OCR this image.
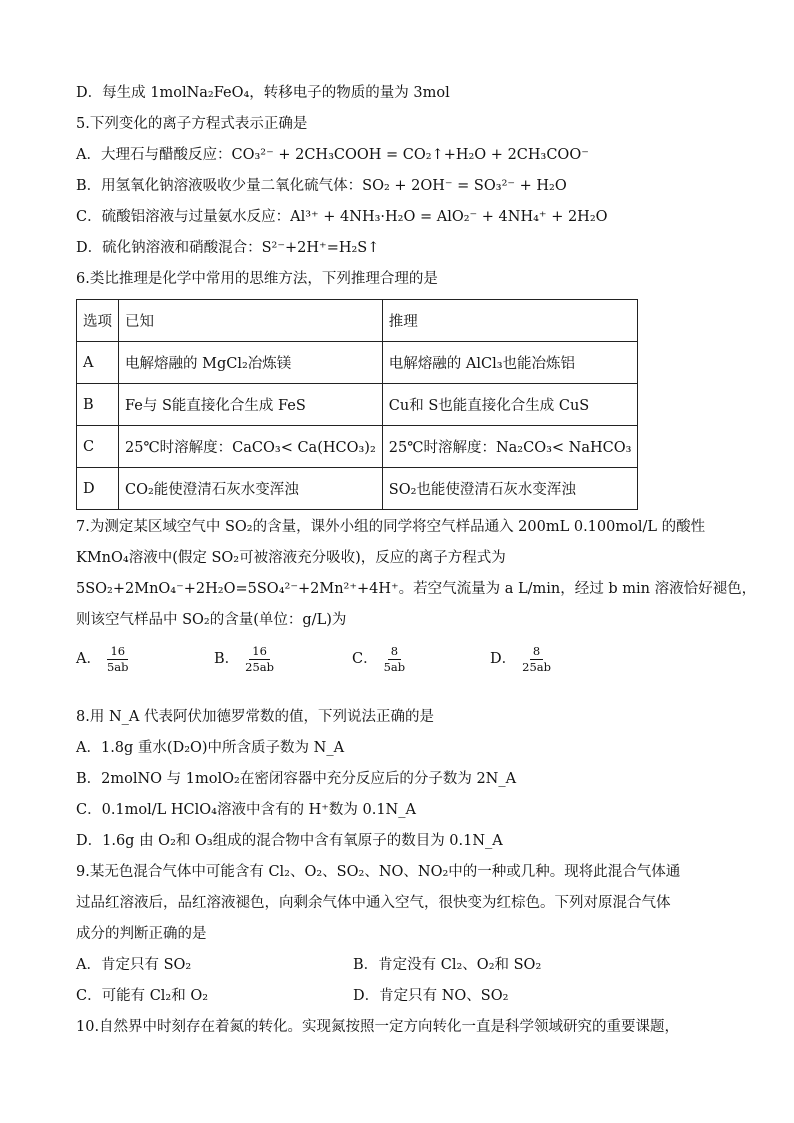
D．每生成 1molNa₂FeO₄，转移电子的物质的量为 3mol
5.下列变化的离子方程式表示正确是
A．大理石与醋酸反应：CO₃²⁻ + 2CH₃COOH = CO₂↑+H₂O + 2CH₃COO⁻
B．用氢氧化钠溶液吸收少量二氧化硫气体：SO₂ + 2OH⁻ = SO₃²⁻ + H₂O
C．硫酸铝溶液与过量氨水反应：Al³⁺ + 4NH₃·H₂O = AlO₂⁻ + 4NH₄⁺ + 2H₂O
D．硫化钠溶液和硝酸混合：S²⁻+2H⁺=H₂S↑
6.类比推理是化学中常用的思维方法，下列推理合理的是
选项	已知	推理
A	电解熔融的 MgCl₂冶炼镁	电解熔融的 AlCl₃也能冶炼铝
B	Fe与 S能直接化合生成 FeS	Cu和 S也能直接化合生成 CuS
C	25℃时溶解度：CaCO₃< Ca(HCO₃)₂	25℃时溶解度：Na₂CO₃< NaHCO₃
D	CO₂能使澄清石灰水变浑浊	SO₂也能使澄清石灰水变浑浊
7.为测定某区域空气中 SO₂的含量，课外小组的同学将空气样品通入 200mL 0.100mol/L 的酸性
KMnO₄溶液中(假定 SO₂可被溶液充分吸收)，反应的离子方程式为
5SO₂+2MnO₄⁻+2H₂O=5SO₄²⁻+2Mn²⁺+4H⁺。若空气流量为 a L/min，经过 b min 溶液恰好褪色，
则该空气样品中 SO₂的含量(单位：g/L)为
A． $\frac{16}{5ab}$	B． $\frac{16}{25ab}$	C． $\frac{8}{5ab}$	D． $\frac{8}{25ab}$
8.用 N_A 代表阿伏加德罗常数的值，下列说法正确的是
A．1.8g 重水(D₂O)中所含质子数为 N_A
B．2molNO 与 1molO₂在密闭容器中充分反应后的分子数为 2N_A
C．0.1mol/L HClO₄溶液中含有的 H⁺数为 0.1N_A
D．1.6g 由 O₂和 O₃组成的混合物中含有氧原子的数目为 0.1N_A
9.某无色混合气体中可能含有 Cl₂、O₂、SO₂、NO、NO₂中的一种或几种。现将此混合气体通
过品红溶液后，品红溶液褪色，向剩余气体中通入空气，很快变为红棕色。下列对原混合气体
成分的判断正确的是
A．肯定只有 SO₂	B．肯定没有 Cl₂、O₂和 SO₂
C．可能有 Cl₂和 O₂	D．肯定只有 NO、SO₂
10.自然界中时刻存在着氮的转化。实现氮按照一定方向转化一直是科学领域研究的重要课题，
